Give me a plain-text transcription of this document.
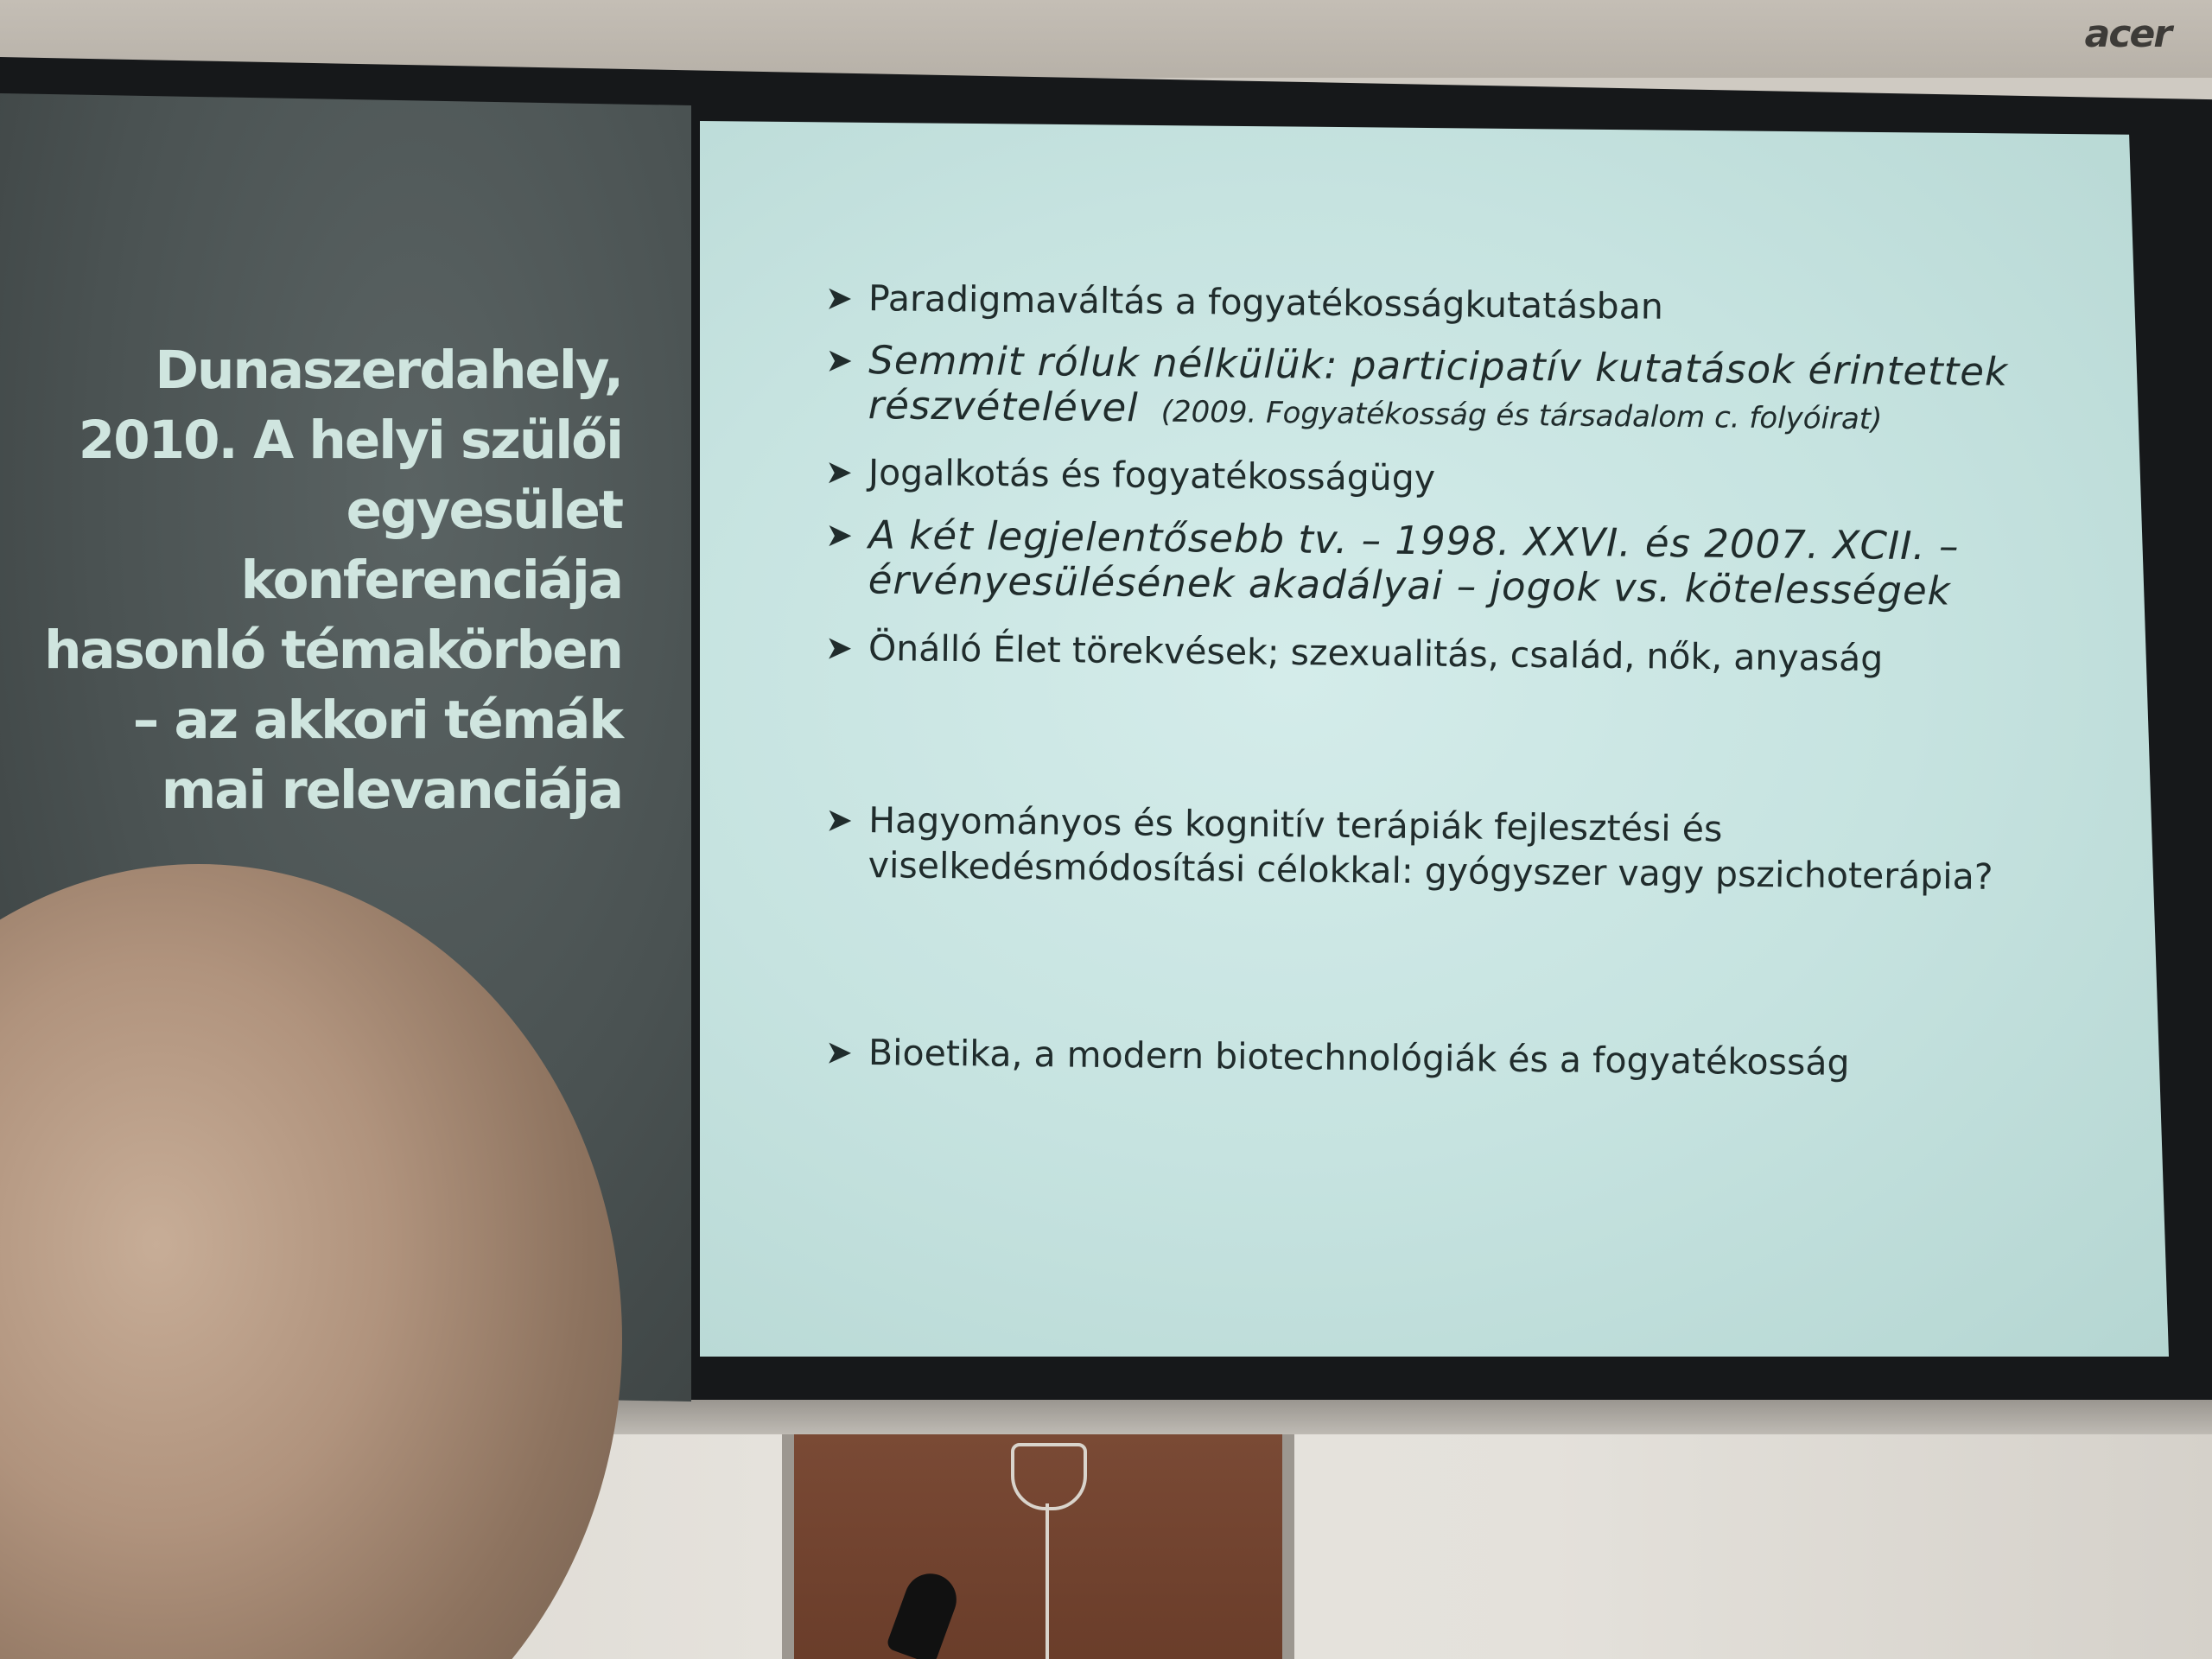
acer
Dunaszerdahely,
2010. A helyi szülői
egyesület
konferenciája
hasonló témakörben
– az akkori témák
mai relevanciája
➤ Paradigmaváltás a fogyatékosságkutatásban
➤ Semmit róluk nélkülük: participatív kutatások érintettek
részvételével (2009. Fogyatékosság és társadalom c. folyóirat)
➤ Jogalkotás és fogyatékosságügy
➤ A két legjelentősebb tv. – 1998. XXVI. és 2007. XCII. –
érvényesülésének akadályai – jogok vs. kötelességek
➤ Önálló Élet törekvések; szexualitás, család, nők, anyaság
➤ Hagyományos és kognitív terápiák fejlesztési és
viselkedésmódosítási célokkal: gyógyszer vagy pszichoterápia?
➤ Bioetika, a modern biotechnológiák és a fogyatékosság
